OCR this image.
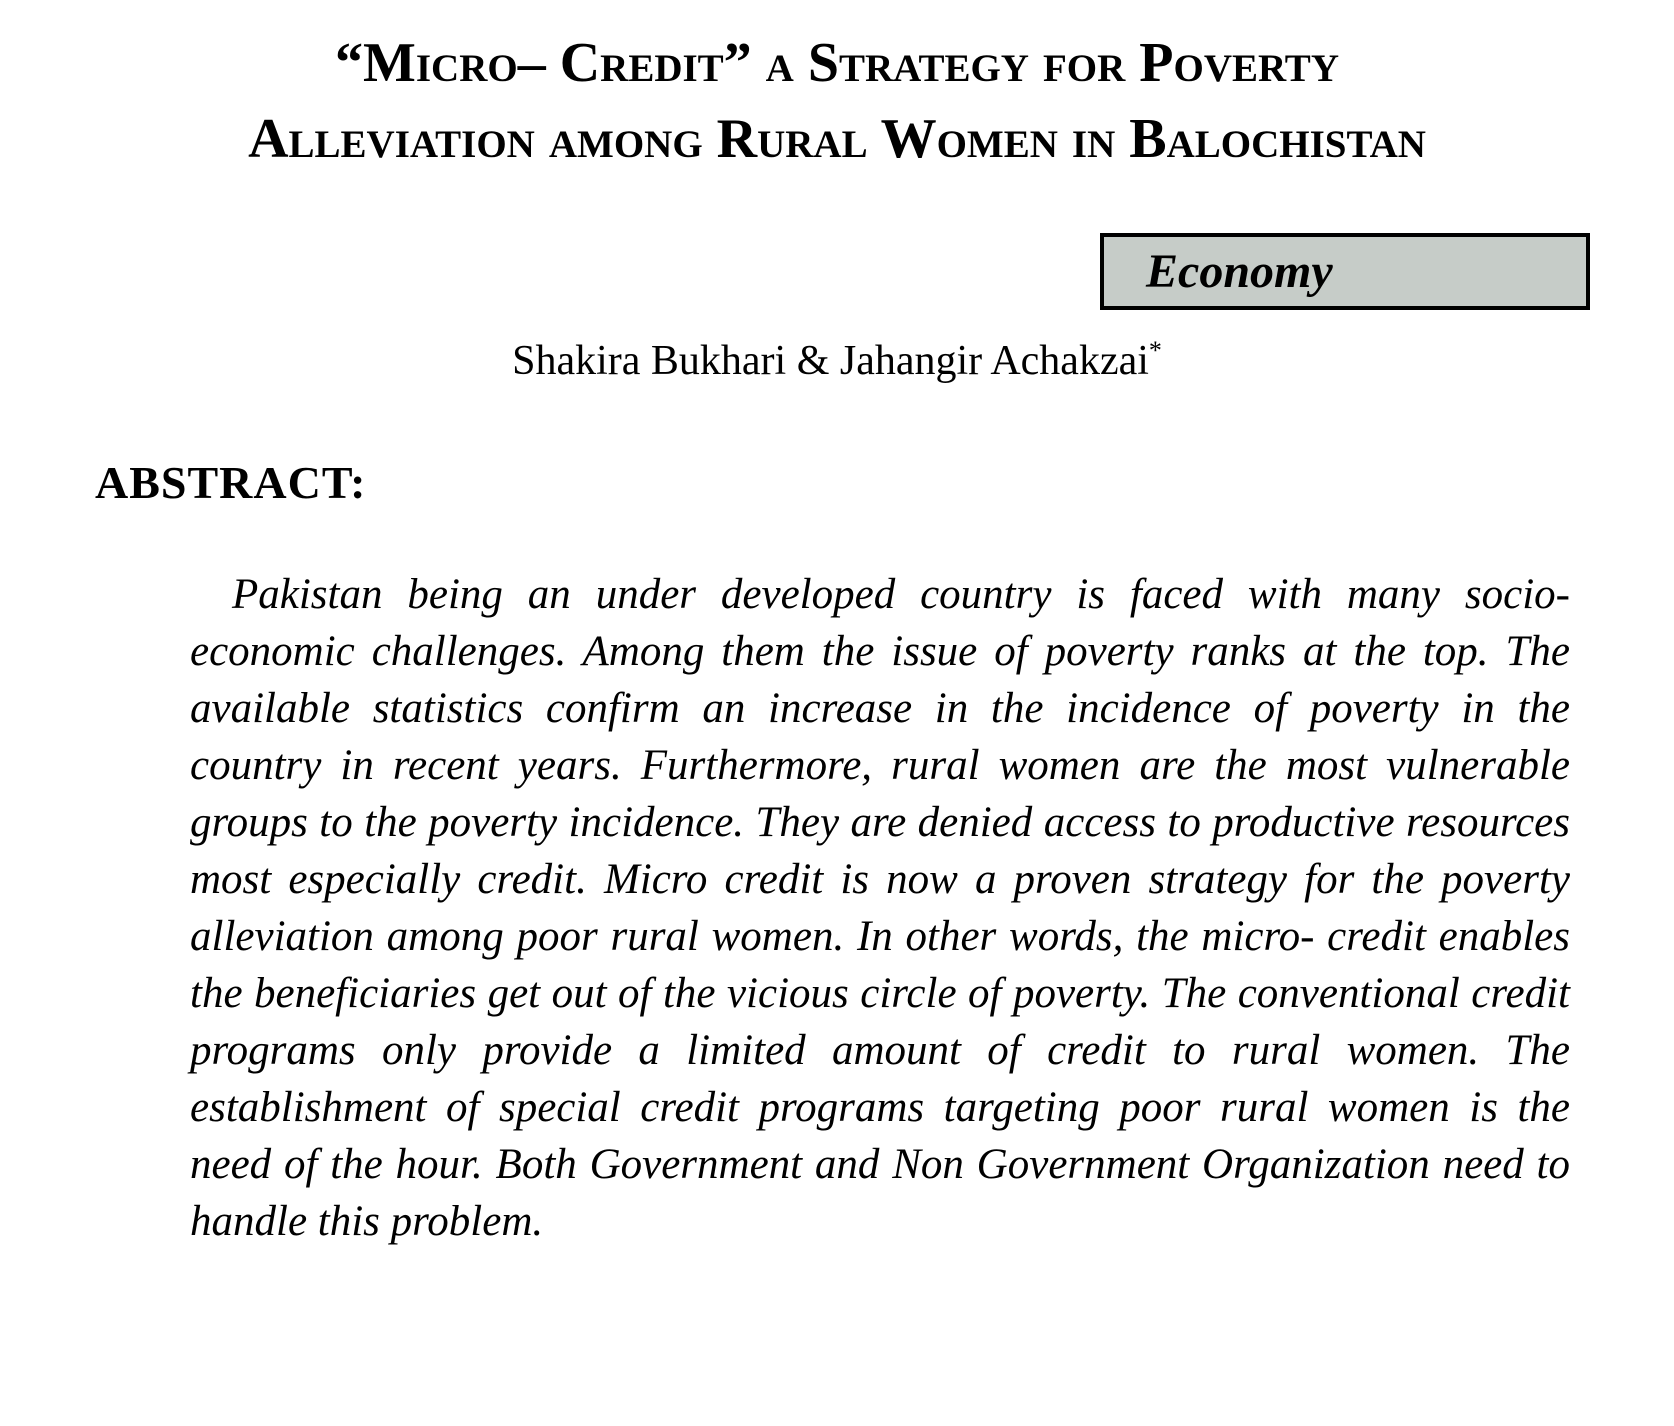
“Micro– Credit” a Strategy for Poverty
Alleviation among Rural Women in Balochistan
Economy
Shakira Bukhari & Jahangir Achakzai*
ABSTRACT:

Pakistan being an under developed country is faced with many socio-economic challenges. Among them the issue of poverty ranks at the top. The available statistics confirm an increase in the incidence of poverty in the country in recent years. Furthermore, rural women are the most vulnerable groups to the poverty incidence. They are denied access to productive resources most especially credit. Micro credit is now a proven strategy for the poverty alleviation among poor rural women. In other words, the micro- credit enables the beneficiaries get out of the vicious circle of poverty. The conventional credit programs only provide a limited amount of credit to rural women. The establishment of special credit programs targeting poor rural women is the need of the hour. Both Government and Non Government Organization need to handle this problem.
